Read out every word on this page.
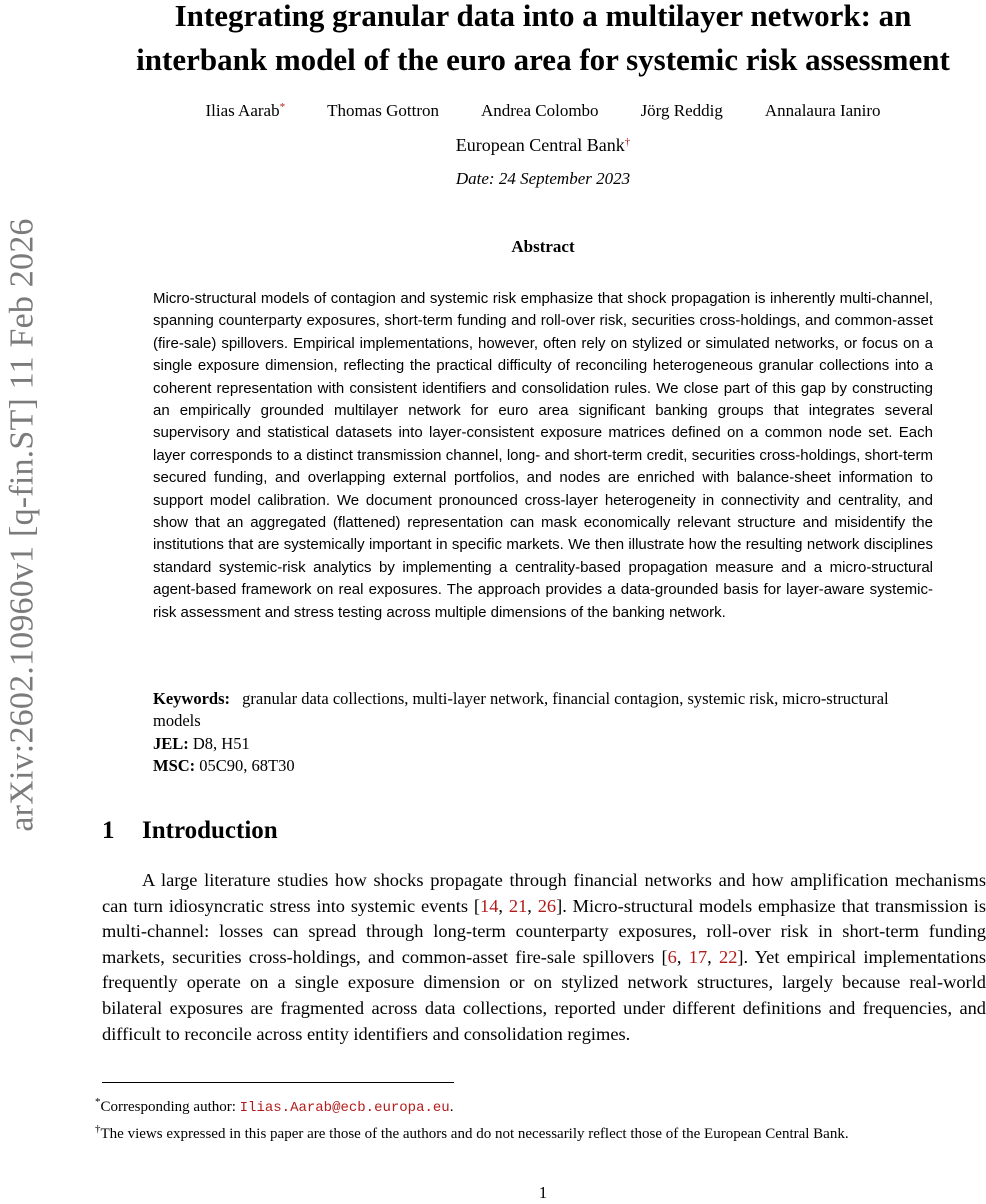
arXiv:2602.10960v1 [q-fin.ST] 11 Feb 2026
Integrating granular data into a multilayer network: an
interbank model of the euro area for systemic risk assessment
Ilias Aarab* Thomas Gottron Andrea Colombo Jörg Reddig Annalaura Ianiro

European Central Bank†

Date: 24 September 2023

Abstract

Micro-structural models of contagion and systemic risk emphasize that shock propagation is inherently multi-channel, spanning counterparty exposures, short-term funding and roll-over risk, securities cross-holdings, and common-asset (fire-sale) spillovers. Empirical implementations, however, often rely on stylized or simulated networks, or focus on a single exposure dimension, reflecting the practical difficulty of reconciling heterogeneous granular collections into a coherent representation with consistent identifiers and consolidation rules. We close part of this gap by constructing an empirically grounded multilayer network for euro area significant banking groups that integrates several supervisory and statistical datasets into layer-consistent exposure matrices defined on a common node set. Each layer corresponds to a distinct transmission channel, long- and short-term credit, securities cross-holdings, short-term secured funding, and overlapping external portfolios, and nodes are enriched with balance-sheet information to support model calibration. We document pronounced cross-layer heterogeneity in connectivity and centrality, and show that an aggregated (flattened) representation can mask economically relevant structure and misidentify the institutions that are systemically important in specific markets. We then illustrate how the resulting network disciplines standard systemic-risk analytics by implementing a centrality-based propagation measure and a micro-structural agent-based framework on real exposures. The approach provides a data-grounded basis for layer-aware systemic-risk assessment and stress testing across multiple dimensions of the banking network.

Keywords: granular data collections, multi-layer network, financial contagion, systemic risk, micro-structural models

JEL: D8, H51

MSC: 05C90, 68T30

1 Introduction

A large literature studies how shocks propagate through financial networks and how amplification mechanisms can turn idiosyncratic stress into systemic events [14, 21, 26]. Micro-structural models emphasize that transmission is multi-channel: losses can spread through long-term counterparty exposures, roll-over risk in short-term funding markets, securities cross-holdings, and common-asset fire-sale spillovers [6, 17, 22]. Yet empirical implementations frequently operate on a single exposure dimension or on stylized network structures, largely because real-world bilateral exposures are fragmented across data collections, reported under different definitions and frequencies, and difficult to reconcile across entity identifiers and consolidation regimes.

*Corresponding author: Ilias.Aarab@ecb.europa.eu.

†The views expressed in this paper are those of the authors and do not necessarily reflect those of the European Central Bank.

1
